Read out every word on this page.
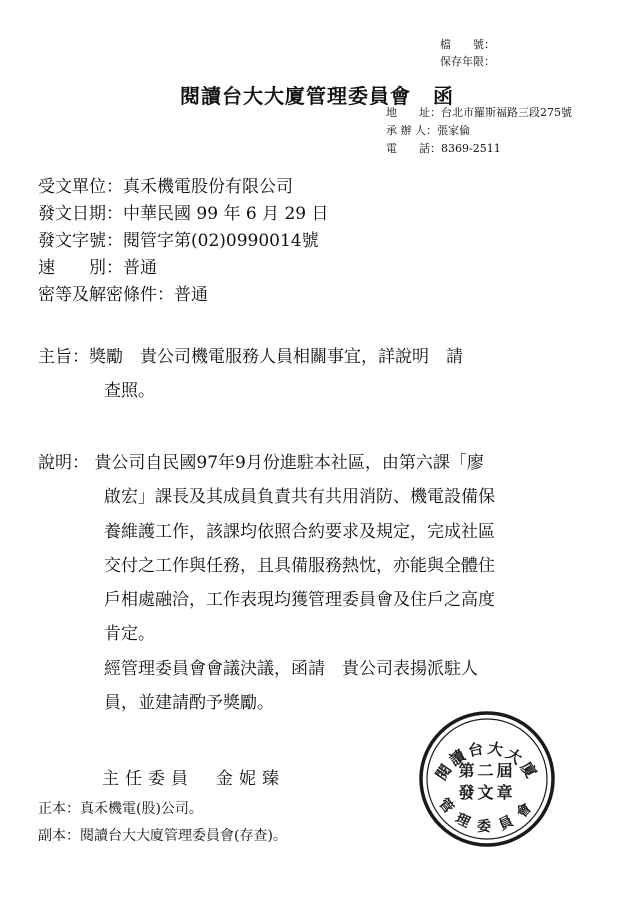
檔　　號：
保存年限：
閱讀台大大廈管理委員會 函
地　　址： 台北市羅斯福路三段275號
承 辦 人： 張家倫
電　　話： 8369-2511
受文單位： 真禾機電股份有限公司
發文日期： 中華民國 99 年 6 月 29 日
發文字號： 閱管字第(02)0990014號
速　　別 ： 普通
密等及解密條件： 普通
主旨：獎勵　貴公司機電服務人員相關事宜，詳說明　請
查照。
說明： 貴公司自民國97年9月份進駐本社區，由第六課「廖
啟宏」課長及其成員負責共有共用消防、機電設備保
養維護工作，該課均依照合約要求及規定，完成社區
交付之工作與任務，且具備服務熱忱，亦能與全體住
戶相處融洽，工作表現均獲管理委員會及住戶之高度
肯定。
經管理委員會會議決議，函請　貴公司表揚派駐人
員，並建請酌予獎勵。
主任委員 金妮臻
正本：真禾機電(股)公司。
副本：閱讀台大大廈管理委員會(存查)。
閱讀台大大廈
管理委員會
第二屆
發文章
